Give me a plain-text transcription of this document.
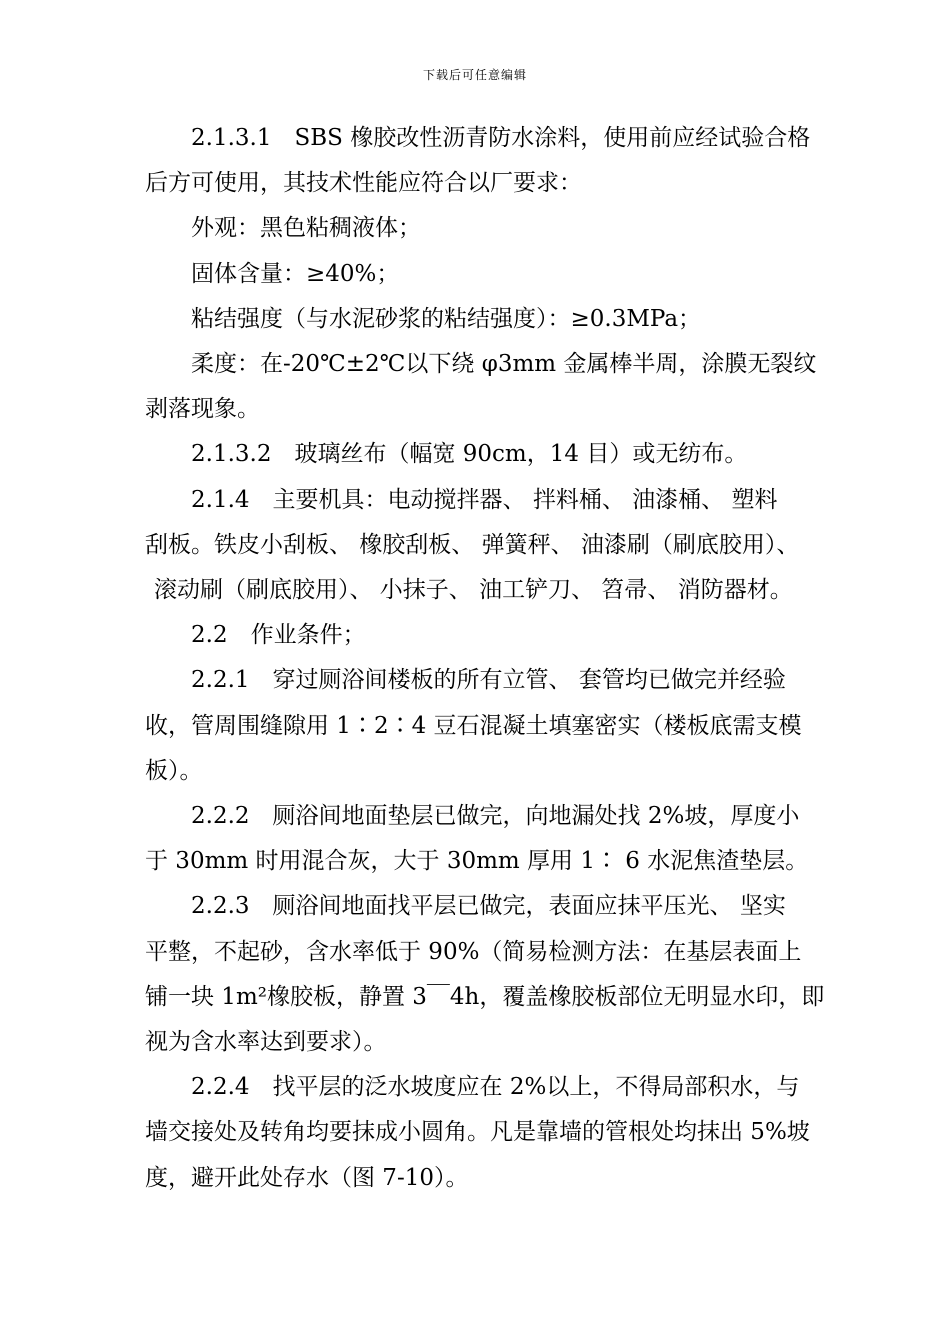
下载后可任意编辑

2.1.3.1　SBS 橡胶改性沥青防水涂料，使用前应经试验合格
后方可使用，其技术性能应符合以厂要求：

外观：黑色粘稠液体；

固体含量：≥40%；

粘结强度（与水泥砂浆的粘结强度）：≥0.3MPa；

柔度：在-20℃±2℃以下绕 φ3mm 金属棒半周，涂膜无裂纹
剥落现象。

2.1.3.2　玻璃丝布（幅宽 90cm，14 目）或无纺布。

2.1.4　主要机具：电动搅拌器、 拌料桶、 油漆桶、 塑料
刮板。铁皮小刮板、 橡胶刮板、 弹簧秤、 油漆刷（刷底胶用）、
滚动刷（刷底胶用）、 小抹子、 油工铲刀、 笤帚、 消防器材。

2.2　作业条件；

2.2.1　穿过厕浴间楼板的所有立管、 套管均已做完并经验
收，管周围缝隙用 1∶2∶4 豆石混凝土填塞密实（楼板底需支模
板）。

2.2.2　厕浴间地面垫层已做完，向地漏处找 2%坡，厚度小
于 30mm 时用混合灰，大于 30mm 厚用 1∶ 6 水泥焦渣垫层。

2.2.3　厕浴间地面找平层已做完，表面应抹平压光、 坚实
平整，不起砂，含水率低于 90%（简易检测方法：在基层表面上
铺一块 1m²橡胶板，静置 3￣4h，覆盖橡胶板部位无明显水印，即
视为含水率达到要求）。

2.2.4　找平层的泛水坡度应在 2%以上，不得局部积水，与
墙交接处及转角均要抹成小圆角。凡是靠墙的管根处均抹出 5%坡
度，避开此处存水（图 7-10）。
